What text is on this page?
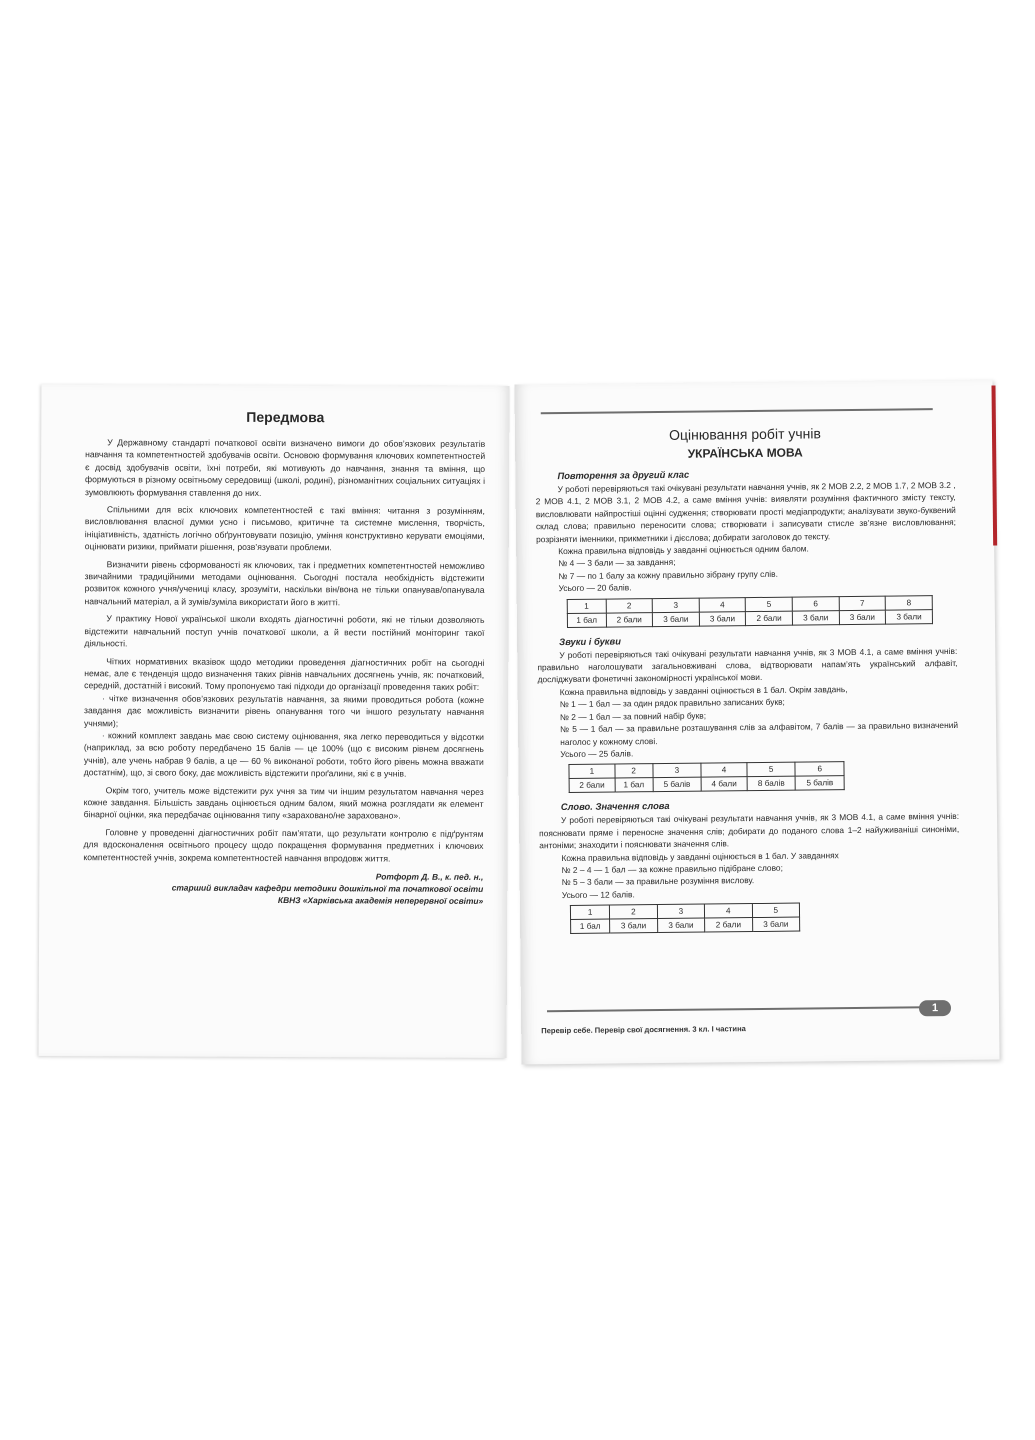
Передмова

У Державному стандарті початкової освіти визначено вимоги до обов’язкових результатів навчання та компетентностей здобувачів освіти. Основою формування ключових компетентностей є досвід здобувачів освіти, їхні потреби, які мотивують до навчання, знання та вміння, що формуються в різному освітньому середовищі (школі, родині), різноманітних соціальних ситуаціях і зумовлюють формування ставлення до них.

Спільними для всіх ключових компетентностей є такі вміння: читання з розумінням, висловлювання власної думки усно і письмово, критичне та системне мислення, творчість, ініціативність, здатність логічно обґрунтовувати позицію, уміння конструктивно керувати емоціями, оцінювати ризики, приймати рішення, розв’язувати проблеми.

Визначити рівень сформованості як ключових, так і предметних компетентностей неможливо звичайними традиційними методами оцінювання. Сьогодні постала необхідність відстежити розвиток кожного учня/учениці класу, зрозуміти, наскільки він/вона не тільки опанував/опанувала навчальний матеріал, а й зумів/зуміла використати його в житті.

У практику Нової української школи входять діагностичні роботи, які не тільки дозволяють відстежити навчальний поступ учнів початкової школи, а й вести постійний моніторинг такої діяльності.

Чітких нормативних вказівок щодо методики проведення діагностичних робіт на сьогодні немає, але є тенденція щодо визначення таких рівнів навчальних досягнень учнів, як: початковий, середній, достатній і високий. Тому пропонуємо такі підходи до організації проведення таких робіт:

· чітке визначення обов’язкових результатів навчання, за якими проводиться робота (кожне завдання дає можливість визначити рівень опанування того чи іншого результату навчання учнями);

· кожний комплект завдань має свою систему оцінювання, яка легко переводиться у відсотки (наприклад, за всю роботу передбачено 15 балів — це 100% (що є високим рівнем досягнень учнів), але учень набрав 9 балів, а це — 60 % виконаної роботи, тобто його рівень можна вважати достатнім), що, зі свого боку, дає можливість відстежити проґалини, які є в учнів.

Окрім того, учитель може відстежити рух учня за тим чи іншим результатом навчання через кожне завдання. Більшість завдань оцінюється одним балом, який можна розглядати як елемент бінарної оцінки, яка передбачає оцінювання типу «зараховано/не зараховано».

Головне у проведенні діагностичних робіт пам’ятати, що результати контролю є підґрунтям для вдосконалення освітнього процесу щодо покращення формування предметних і ключових компетентностей учнів, зокрема компетентностей навчання впродовж життя.

Ротфорт Д. В., к. пед. н.,
старший викладач кафедри методики дошкільної та початкової освіти
КВНЗ «Харківська академія неперервної освіти»
Оцінювання робіт учнів
УКРАЇНСЬКА МОВА
Повторення за другий клас

У роботі перевіряються такі очікувані результати навчання учнів, як 2 МОВ 2.2, 2 МОВ 1.7, 2 МОВ 3.2 , 2 МОВ 4.1, 2 МОВ 3.1, 2 МОВ 4.2, а саме вміння учнів: виявляти розуміння фактичного змісту тексту, висловлювати найпростіші оцінні судження; створювати прості медіапродукти; аналізувати звуко-буквений склад слова; правильно переносити слова; створювати і записувати стисле зв’язне висловлювання; розрізняти іменники, прикметники і дієслова; добирати заголовок до тексту.

Кожна правильна відповідь у завданні оцінюється одним балом.

№ 4 — 3 бали — за завдання;

№ 7 — по 1 балу за кожну правильно зібрану групу слів.

Усього — 20 балів.

1	2	3	4	5	6	7	8
1 бал	2 бали	3 бали	3 бали	2 бали	3 бали	3 бали	3 бали
Звуки і букви

У роботі перевіряються такі очікувані результати навчання учнів, як 3 МОВ 4.1, а саме вміння учнів: правильно наголошувати загальновживані слова, відтворювати напам’ять український алфавіт, досліджувати фонетичні закономірності української мови.

Кожна правильна відповідь у завданні оцінюється в 1 бал. Окрім завдань,

№ 1 — 1 бал — за один рядок правильно записаних букв;

№ 2 — 1 бал — за повний набір букв;

№ 5 — 1 бал — за правильне розташування слів за алфавітом, 7 балів — за правильно визначений наголос у кожному слові.

Усього — 25 балів.

1	2	3	4	5	6
2 бали	1 бал	5 балів	4 бали	8 балів	5 балів
Слово. Значення слова

У роботі перевіряються такі очікувані результати навчання учнів, як 3 МОВ 4.1, а саме вміння учнів: пояснювати пряме і переносне значення слів; добирати до поданого слова 1–2 найуживаніші синоніми, антоніми; знаходити і пояснювати значення слів.

Кожна правильна відповідь у завданні оцінюється в 1 бал. У завданнях

№ 2 – 4 — 1 бал — за кожне правильно підібране слово;

№ 5 – 3 бали — за правильне розуміння вислову.

Усього — 12 балів.

1	2	3	4	5
1 бал	3 бали	3 бали	2 бали	3 бали
1
Перевір себе. Перевір свої досягнення. 3 кл. І частина
